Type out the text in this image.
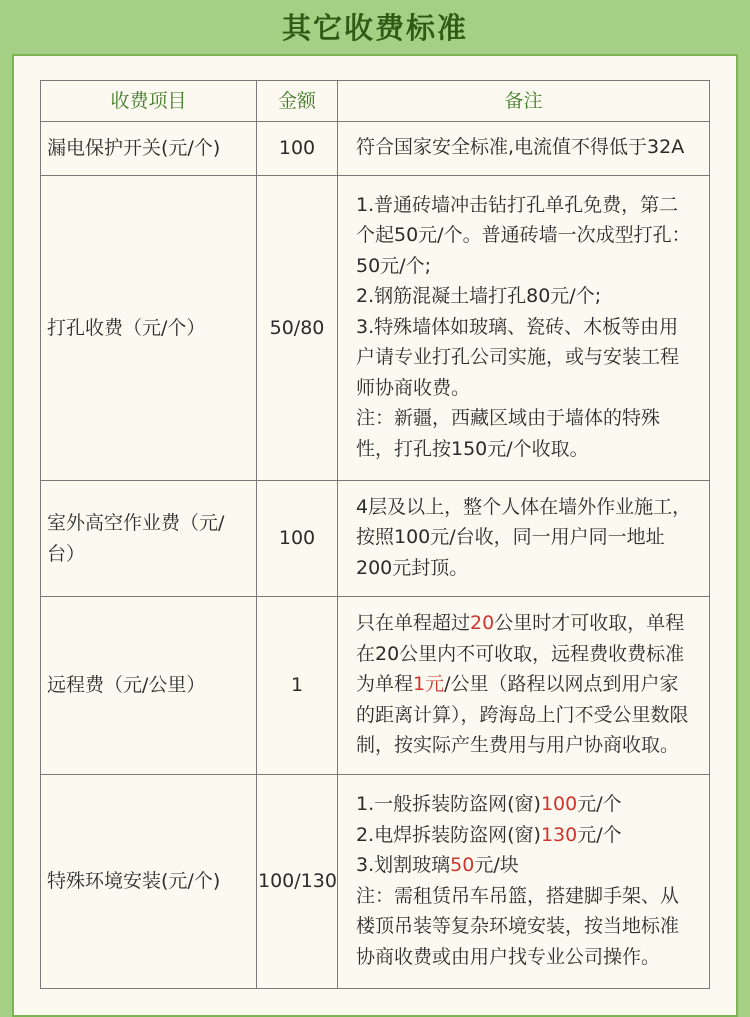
其它收费标准
收费项目	金额	备注
漏电保护开关(元/个)	100	符合国家安全标准,电流值不得低于32A

打孔收费（元/个）	50/80	1.普通砖墙冲击钻打孔单孔免费，第二个起50元/个。普通砖墙一次成型打孔：50元/个;
2.钢筋混凝土墙打孔80元/个;
3.特殊墙体如玻璃、瓷砖、木板等由用户请专业打孔公司实施，或与安装工程师协商收费。
注：新疆，西藏区域由于墙体的特殊性，打孔按150元/个收取。

室外高空作业费（元/台）	100	4层及以上，整个人体在墙外作业施工，按照100元/台收，同一用户同一地址200元封顶。

远程费（元/公里）	1	只在单程超过20公里时才可收取，单程在20公里内不可收取，远程费收费标准为单程1元/公里（路程以网点到用户家的距离计算），跨海岛上门不受公里数限制，按实际产生费用与用户协商收取。

特殊环境安装(元/个)	100/130	1.一般拆装防盗网(窗)100元/个
2.电焊拆装防盗网(窗)130元/个
3.划割玻璃50元/块
注：需租赁吊车吊篮，搭建脚手架、从楼顶吊装等复杂环境安装，按当地标准协商收费或由用户找专业公司操作。
